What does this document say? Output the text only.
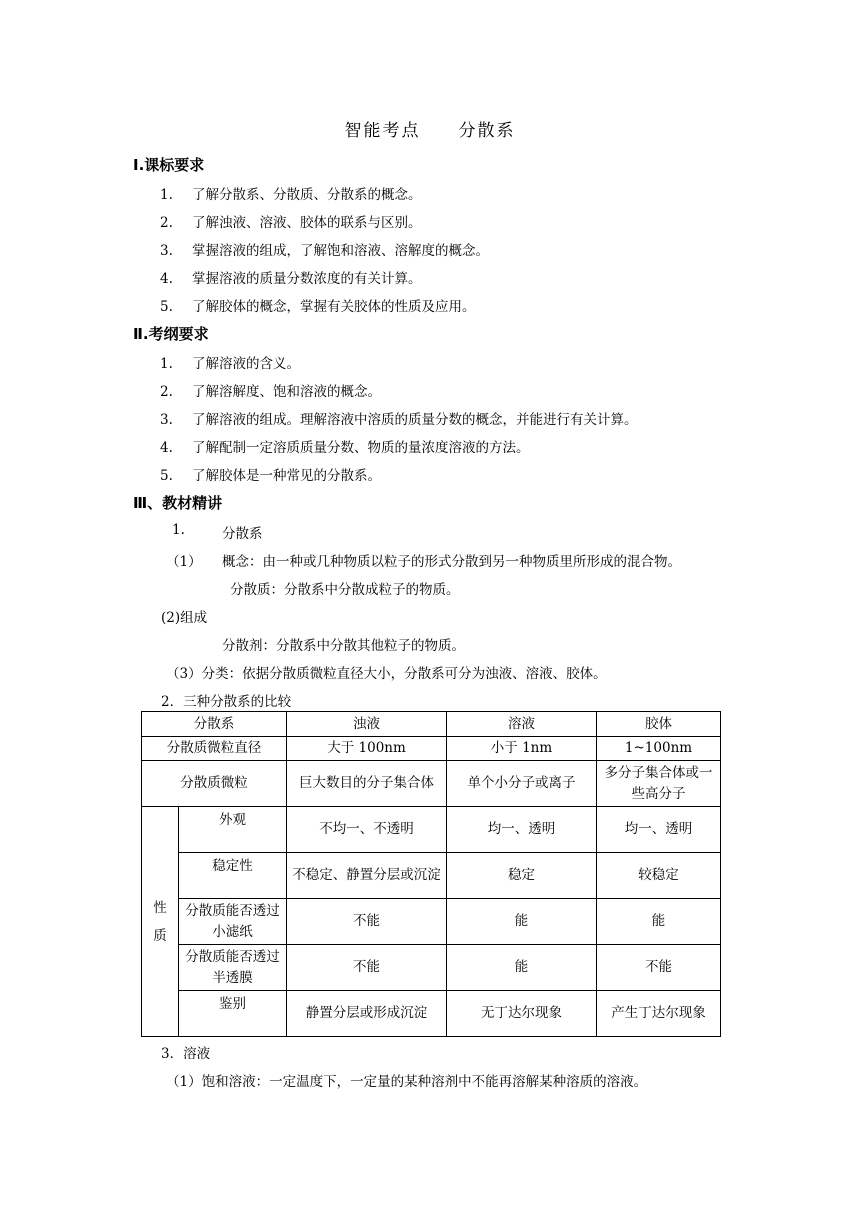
智能考点　　分散系
Ⅰ.课标要求
1. 了解分散系、分散质、分散系的概念。
2. 了解浊液、溶液、胶体的联系与区别。
3. 掌握溶液的组成，了解饱和溶液、溶解度的概念。
4. 掌握溶液的质量分数浓度的有关计算。
5. 了解胶体的概念，掌握有关胶体的性质及应用。
Ⅱ.考纲要求
1. 了解溶液的含义。
2. 了解溶解度、饱和溶液的概念。
3. 了解溶液的组成。理解溶液中溶质的质量分数的概念，并能进行有关计算。
4. 了解配制一定溶质质量分数、物质的量浓度溶液的方法。
5. 了解胶体是一种常见的分散系。
Ⅲ、教材精讲
1.	分散系
（1） 概念：由一种或几种物质以粒子的形式分散到另一种物质里所形成的混合物。
分散质：分散系中分散成粒子的物质。
(2)组成
分散剂：分散系中分散其他粒子的物质。
（3）分类：依据分散质微粒直径大小，分散系可分为浊液、溶液、胶体。
2．三种分散系的比较
分散系		浊液	溶液	胶体
分散质微粒直径		大于 100nm	小于 1nm	1~100nm
分散质微粒		巨大数目的分子集合体	单个小分子或离子	多分子集合体或一些高分子
性质	外观	不均一、不透明	均一、透明	均一、透明
	稳定性	不稳定、静置分层或沉淀	稳定	较稳定
	分散质能否透过小滤纸	不能	能	能
	分散质能否透过半透膜	不能	能	不能
	鉴别	静置分层或形成沉淀	无丁达尔现象	产生丁达尔现象
3．溶液
（1）饱和溶液：一定温度下，一定量的某种溶剂中不能再溶解某种溶质的溶液。
